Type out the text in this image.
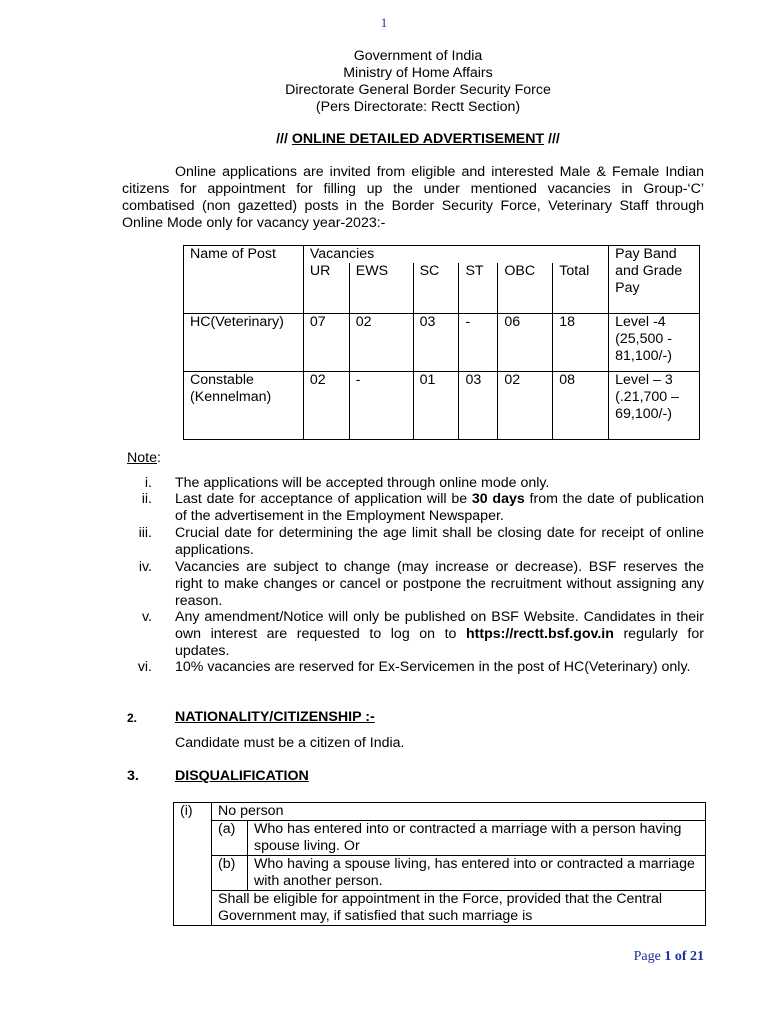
1
Government of India
Ministry of Home Affairs
Directorate General Border Security Force
(Pers Directorate: Rectt Section)
/// ONLINE DETAILED ADVERTISEMENT ///

Online applications are invited from eligible and interested Male & Female Indian citizens for appointment for filling up the under mentioned vacancies in Group-‘C’ combatised (non gazetted) posts in the Border Security Force, Veterinary Staff through Online Mode only for vacancy year-2023:-

Name of Post	Vacancies						Pay Band and Grade Pay
	UR	EWS	SC	ST	OBC	Total	
HC(Veterinary)	07	02	03	-	06	18	Level -4 (25,500 - 81,100/-)
Constable (Kennelman)	02	-	01	03	02	08	Level – 3 (.21,700 – 69,100/-)
Note:
i. The applications will be accepted through online mode only.
ii. Last date for acceptance of application will be 30 days from the date of publication of the advertisement in the Employment Newspaper.
iii. Crucial date for determining the age limit shall be closing date for receipt of online applications.
iv. Vacancies are subject to change (may increase or decrease). BSF reserves the right to make changes or cancel or postpone the recruitment without assigning any reason.
v. Any amendment/Notice will only be published on BSF Website. Candidates in their own interest are requested to log on to https://rectt.bsf.gov.in regularly for updates.
vi. 10% vacancies are reserved for Ex-Servicemen in the post of HC(Veterinary) only.
2.	NATIONALITY/CITIZENSHIP :-
Candidate must be a citizen of India.
3.	DISQUALIFICATION
(i)	No person	
	(a)	Who has entered into or contracted a marriage with a person having spouse living. Or
	(b)	Who having a spouse living, has entered into or contracted a marriage with another person.
	Shall be eligible for appointment in the Force, provided that the Central Government may, if satisfied that such marriage is	
Page 1 of 21
